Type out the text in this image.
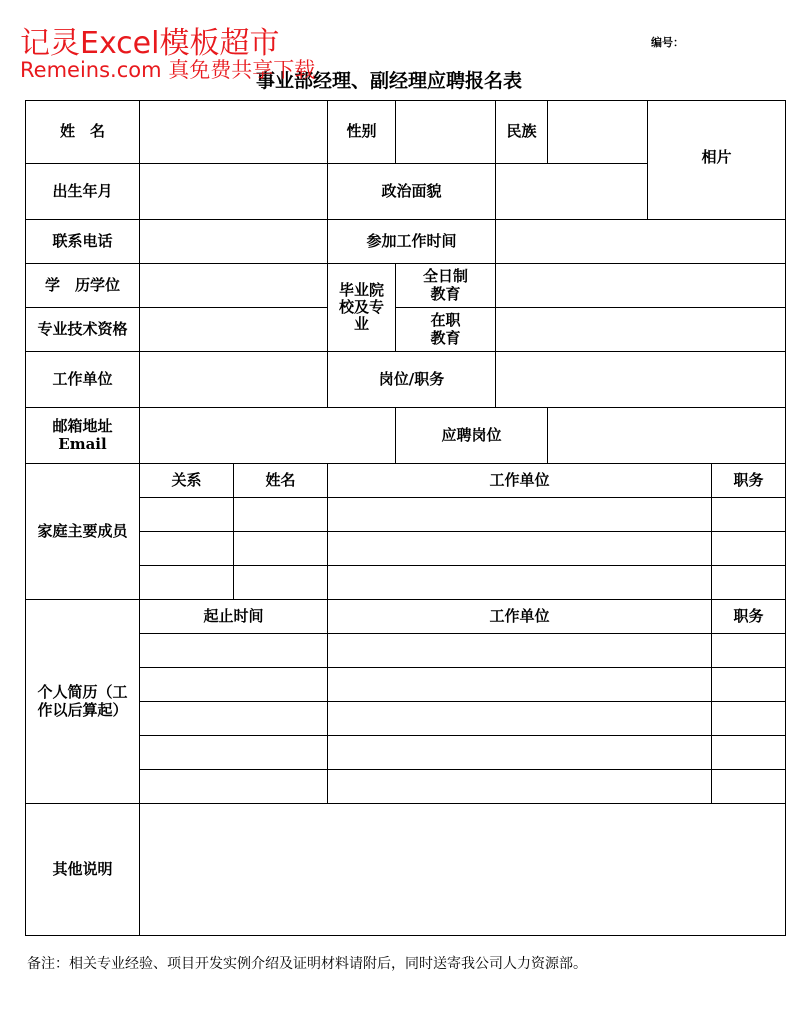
事业部经理、副经理应聘报名表
记灵Excel模板超市
Remeins.com 真免费共享下载
编号：
姓　名			性别		民族		相片	
出生年月			政治面貌					
联系电话			参加工作时间					
学　历学位			毕业院校及专业	全日制教育				
专业技术资格				在职教育				
工作单位			岗位/职务					

邮箱地址
Email				应聘岗位				
家庭主要成员	关系	姓名	工作单位					职务

个人简历（工作以后算起）	起止时间		工作单位					职务

其他说明								
备注：相关专业经验、项目开发实例介绍及证明材料请附后，同时送寄我公司人力资源部。
